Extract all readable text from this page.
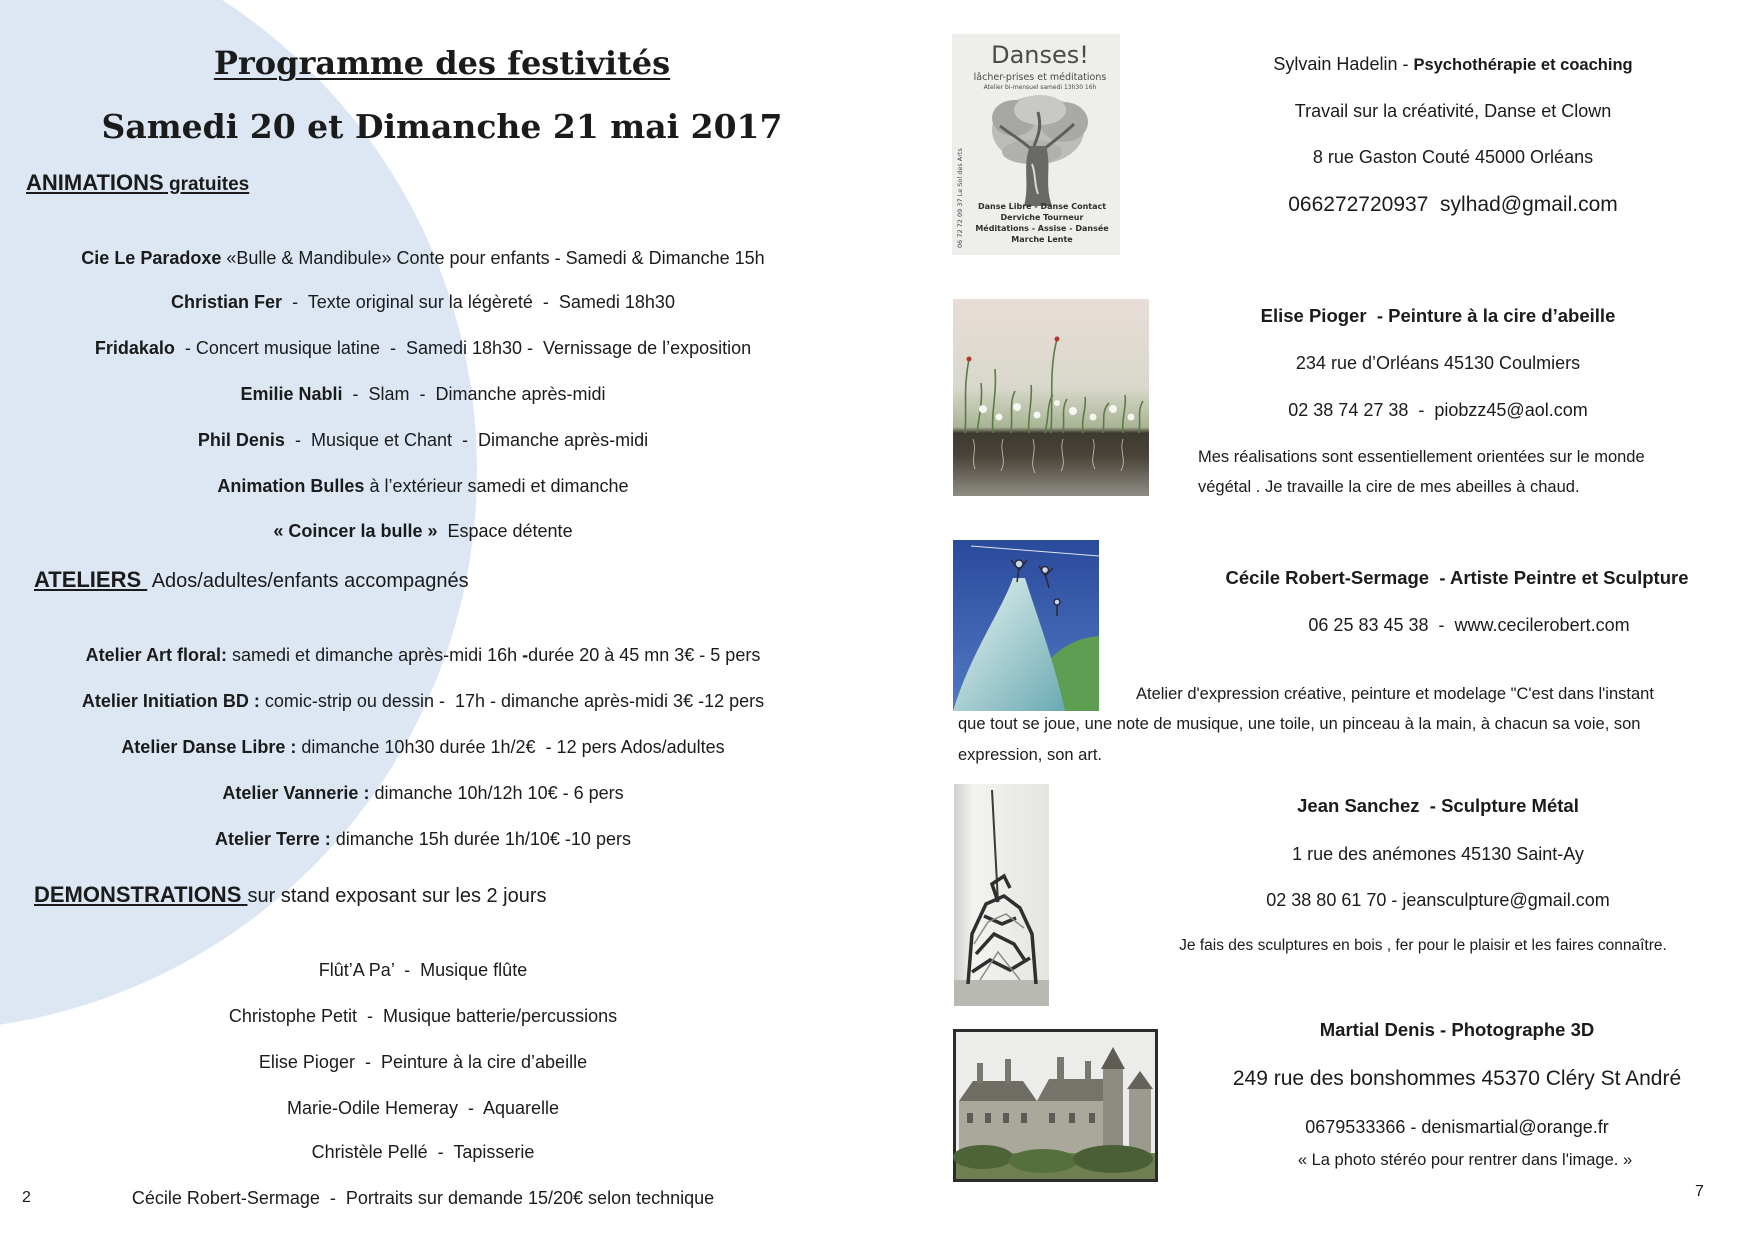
Programme des festivités
Samedi 20 et Dimanche 21 mai 2017
ANIMATIONS gratuites
Cie Le Paradoxe «Bulle & Mandibule» Conte pour enfants - Samedi & Dimanche 15h
Christian Fer  -  Texte original sur la légèreté  -  Samedi 18h30
Fridakalo  - Concert musique latine  -  Samedi 18h30 -  Vernissage de l’exposition
Emilie Nabli  -  Slam  -  Dimanche après-midi
Phil Denis  -  Musique et Chant  -  Dimanche après-midi
Animation Bulles à l’extérieur samedi et dimanche
« Coincer la bulle »  Espace détente
ATELIERS  Ados/adultes/enfants accompagnés
Atelier Art floral: samedi et dimanche après-midi 16h -durée 20 à 45 mn 3€ - 5 pers
Atelier Initiation BD : comic-strip ou dessin -  17h - dimanche après-midi 3€ -12 pers
Atelier Danse Libre : dimanche 10h30 durée 1h/2€  - 12 pers Ados/adultes
Atelier Vannerie : dimanche 10h/12h 10€ - 6 pers
Atelier Terre : dimanche 15h durée 1h/10€ -10 pers
DEMONSTRATIONS sur stand exposant sur les 2 jours
Flût’A Pa’  -  Musique flûte
Christophe Petit  -  Musique batterie/percussions
Elise Pioger  -  Peinture à la cire d’abeille
Marie-Odile Hemeray  -  Aquarelle
Christèle Pellé  -  Tapisserie
Cécile Robert-Sermage  -  Portraits sur demande 15/20€ selon technique
2
Danses!
lâcher-prises et méditations
Atelier bi-mensuel samedi 13h30 16h
Danse Libre - Danse Contact
Derviche Tourneur
Méditations - Assise - Dansée
Marche Lente
06 72 72 09 37 Le Sol des Arts
Sylvain Hadelin - Psychothérapie et coaching
Travail sur la créativité, Danse et Clown
8 rue Gaston Couté 45000 Orléans
066272720937  sylhad@gmail.com
Elise Pioger  - Peinture à la cire d’abeille
234 rue d’Orléans 45130 Coulmiers
02 38 74 27 38  -  piobzz45@aol.com
Mes réalisations sont essentiellement orientées sur le monde
végétal . Je travaille la cire de mes abeilles à chaud.
Cécile Robert-Sermage  - Artiste Peintre et Sculpture
06 25 83 45 38  -  www.cecilerobert.com
Atelier d'expression créative, peinture et modelage "C'est dans l'instant
que tout se joue, une note de musique, une toile, un pinceau à la main, à chacun sa voie, son
expression, son art.
Jean Sanchez  - Sculpture Métal
1 rue des anémones 45130 Saint-Ay
02 38 80 61 70 - jeansculpture@gmail.com
Je fais des sculptures en bois , fer pour le plaisir et les faires connaître.
Martial Denis - Photographe 3D
249 rue des bonshommes 45370 Cléry St André
0679533366 - denismartial@orange.fr
« La photo stéréo pour rentrer dans l'image. »
7
